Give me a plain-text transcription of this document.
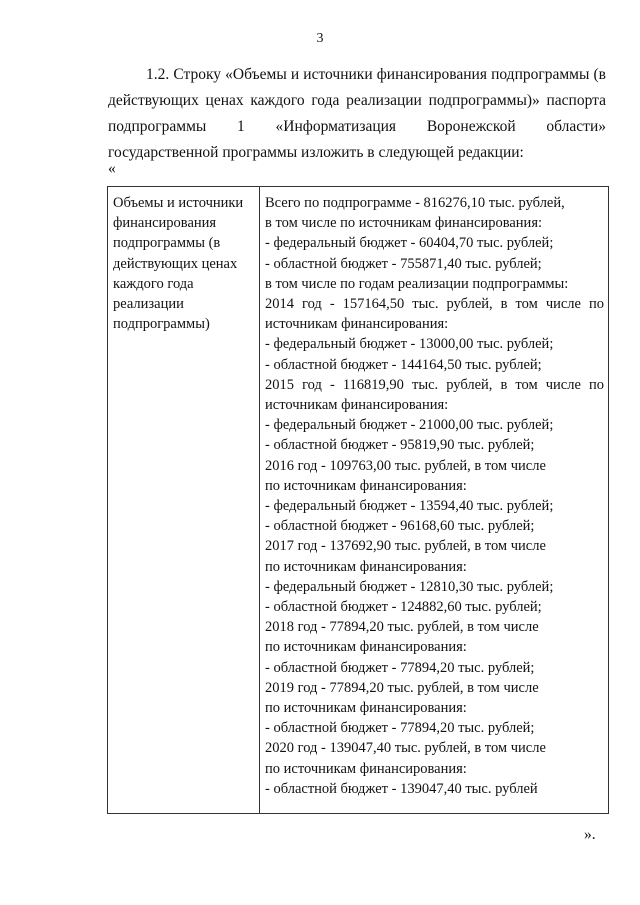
3

1.2. Строку «Объемы и источники финансирования подпрограммы (в действующих ценах каждого года реализации подпрограммы)» паспорта подпрограммы 1 «Информатизация Воронежской области» государственной программы изложить в следующей редакции:

«
Объемы и источники финансирования подпрограммы (в действующих ценах каждого года реализации подпрограммы)

Всего по подпрограмме - 816276,10 тыс. рублей,
в том числе по источникам финансирования:
- федеральный бюджет - 60404,70 тыс. рублей;
- областной бюджет - 755871,40 тыс. рублей;
в том числе по годам реализации подпрограммы:
2014 год - 157164,50 тыс. рублей, в том числе по
источникам финансирования:
- федеральный бюджет - 13000,00 тыс. рублей;
- областной бюджет - 144164,50 тыс. рублей;
2015 год - 116819,90 тыс. рублей, в том числе по
источникам финансирования:
- федеральный бюджет - 21000,00 тыс. рублей;
- областной бюджет - 95819,90 тыс. рублей;
2016 год - 109763,00 тыс. рублей, в том числе
по источникам финансирования:
- федеральный бюджет - 13594,40 тыс. рублей;
- областной бюджет - 96168,60 тыс. рублей;
2017 год - 137692,90 тыс. рублей, в том числе
по источникам финансирования:
- федеральный бюджет - 12810,30 тыс. рублей;
- областной бюджет - 124882,60 тыс. рублей;
2018 год - 77894,20 тыс. рублей, в том числе
по источникам финансирования:
- областной бюджет - 77894,20 тыс. рублей;
2019 год - 77894,20 тыс. рублей, в том числе
по источникам финансирования:
- областной бюджет - 77894,20 тыс. рублей;
2020 год - 139047,40 тыс. рублей, в том числе
по источникам финансирования:
- областной бюджет - 139047,40 тыс. рублей
».
